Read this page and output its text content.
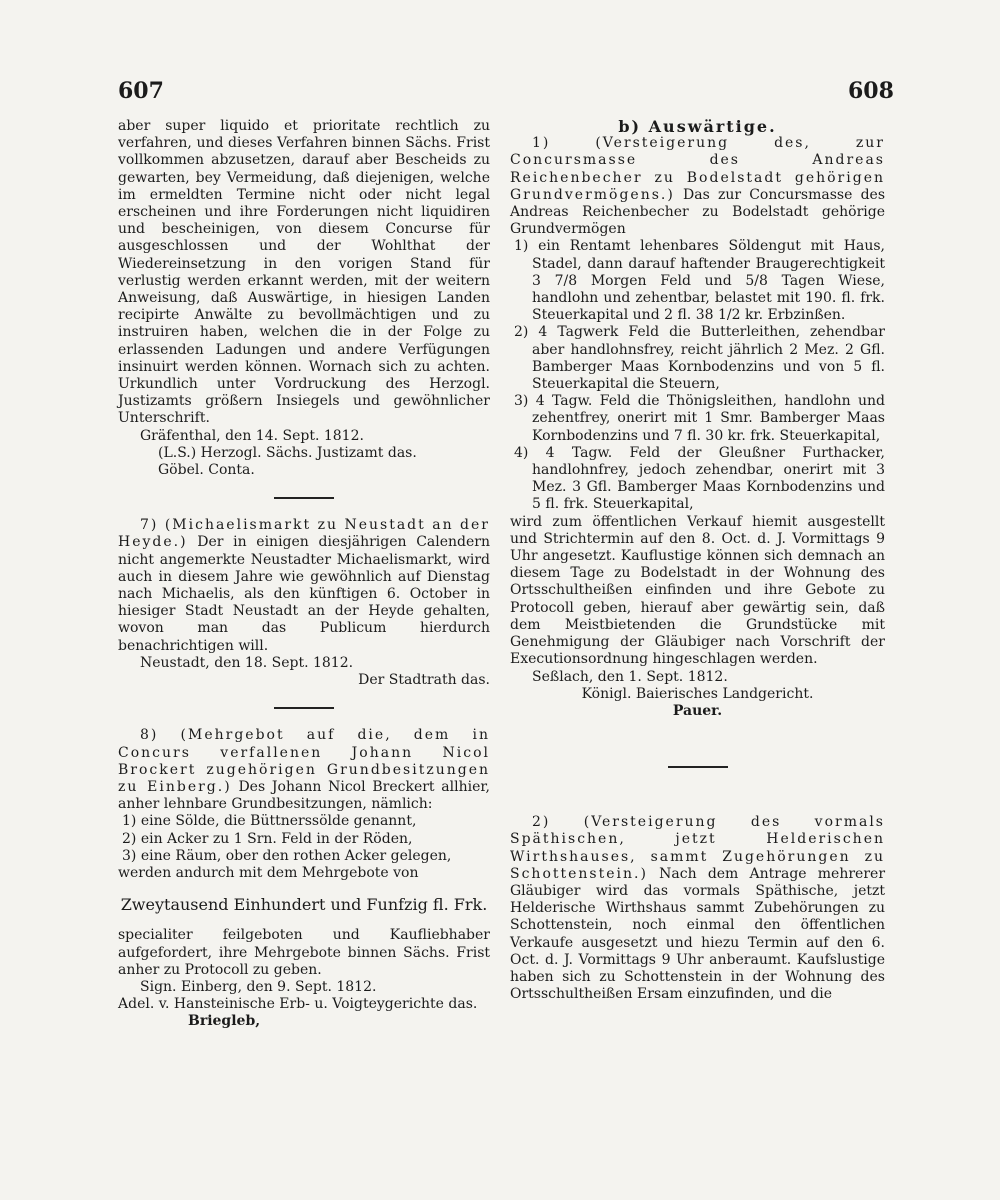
607	608

aber super liquido et prioritate rechtlich zu verfahren, und dieses Verfahren binnen Sächs. Frist vollkommen abzusetzen, darauf aber Bescheids zu gewarten, bey Vermeidung, daß diejenigen, welche im ermeldten Termine nicht oder nicht legal erscheinen und ihre Forderungen nicht liquidiren und bescheinigen, von diesem Concurse für ausgeschlossen und der Wohlthat der Wiedereinsetzung in den vorigen Stand für verlustig werden erkannt werden, mit der weitern Anweisung, daß Auswärtige, in hiesigen Landen recipirte Anwälte zu bevollmächtigen und zu instruiren haben, welchen die in der Folge zu erlassenden Ladungen und andere Verfügungen insinuirt werden können. Wornach sich zu achten. Urkundlich unter Vordruckung des Herzogl. Justizamts größern Insiegels und gewöhnlicher Unterschrift.

Gräfenthal, den 14. Sept. 1812.

(L.S.) Herzogl. Sächs. Justizamt das.

Göbel. Conta.

7) (Michaelismarkt zu Neustadt an der Heyde.) Der in einigen diesjährigen Calendern nicht angemerkte Neustadter Michaelismarkt, wird auch in diesem Jahre wie gewöhnlich auf Dienstag nach Michaelis, als den künftigen 6. October in hiesiger Stadt Neustadt an der Heyde gehalten, wovon man das Publicum hierdurch benachrichtigen will.

Neustadt, den 18. Sept. 1812.

Der Stadtrath das.

8) (Mehrgebot auf die, dem in Concurs verfallenen Johann Nicol Brockert zugehörigen Grundbesitzungen zu Einberg.) Des Johann Nicol Breckert allhier, anher lehnbare Grundbesitzungen, nämlich:

1) eine Sölde, die Büttnerssölde genannt,

2) ein Acker zu 1 Srn. Feld in der Röden,

3) eine Räum, ober den rothen Acker gelegen,

werden andurch mit dem Mehrgebote von

Zweytausend Einhundert und Funfzig fl. Frk.

specialiter feilgeboten und Kaufliebhaber aufgefordert, ihre Mehrgebote binnen Sächs. Frist anher zu Protocoll zu geben.

Sign. Einberg, den 9. Sept. 1812.

Adel. v. Hansteinische Erb- u. Voigteygerichte das.

Briegleb,

b) Auswärtige.

1) (Versteigerung des, zur Concursmasse des Andreas Reichenbecher zu Bodelstadt gehörigen Grundvermögens.) Das zur Concursmasse des Andreas Reichenbecher zu Bodelstadt gehörige Grundvermögen

1) ein Rentamt lehenbares Söldengut mit Haus, Stadel, dann darauf haftender Braugerechtigkeit 3 7/8 Morgen Feld und 5/8 Tagen Wiese, handlohn und zehentbar, belastet mit 190. fl. frk. Steuerkapital und 2 fl. 38 1/2 kr. Erbzinßen.

2) 4 Tagwerk Feld die Butterleithen, zehendbar aber handlohnsfrey, reicht jährlich 2 Mez. 2 Gfl. Bamberger Maas Kornbodenzins und von 5 fl. Steuerkapital die Steuern,

3) 4 Tagw. Feld die Thönigsleithen, handlohn und zehentfrey, onerirt mit 1 Smr. Bamberger Maas Kornbodenzins und 7 fl. 30 kr. frk. Steuerkapital,

4) 4 Tagw. Feld der Gleußner Furthacker, handlohnfrey, jedoch zehendbar, onerirt mit 3 Mez. 3 Gfl. Bamberger Maas Kornbodenzins und 5 fl. frk. Steuerkapital,

wird zum öffentlichen Verkauf hiemit ausgestellt und Strichtermin auf den 8. Oct. d. J. Vormittags 9 Uhr angesetzt. Kauflustige können sich demnach an diesem Tage zu Bodelstadt in der Wohnung des Ortsschultheißen einfinden und ihre Gebote zu Protocoll geben, hierauf aber gewärtig sein, daß dem Meistbietenden die Grundstücke mit Genehmigung der Gläubiger nach Vorschrift der Executionsordnung hingeschlagen werden.

Seßlach, den 1. Sept. 1812.

Königl. Baierisches Landgericht.

Pauer.

2) (Versteigerung des vormals Späthischen, jetzt Helderischen Wirthshauses, sammt Zugehörungen zu Schottenstein.) Nach dem Antrage mehrerer Gläubiger wird das vormals Späthische, jetzt Helderische Wirthshaus sammt Zubehörungen zu Schottenstein, noch einmal den öffentlichen Verkaufe ausgesetzt und hiezu Termin auf den 6. Oct. d. J. Vormittags 9 Uhr anberaumt. Kaufslustige haben sich zu Schottenstein in der Wohnung des Ortsschultheißen Ersam einzufinden, und die
